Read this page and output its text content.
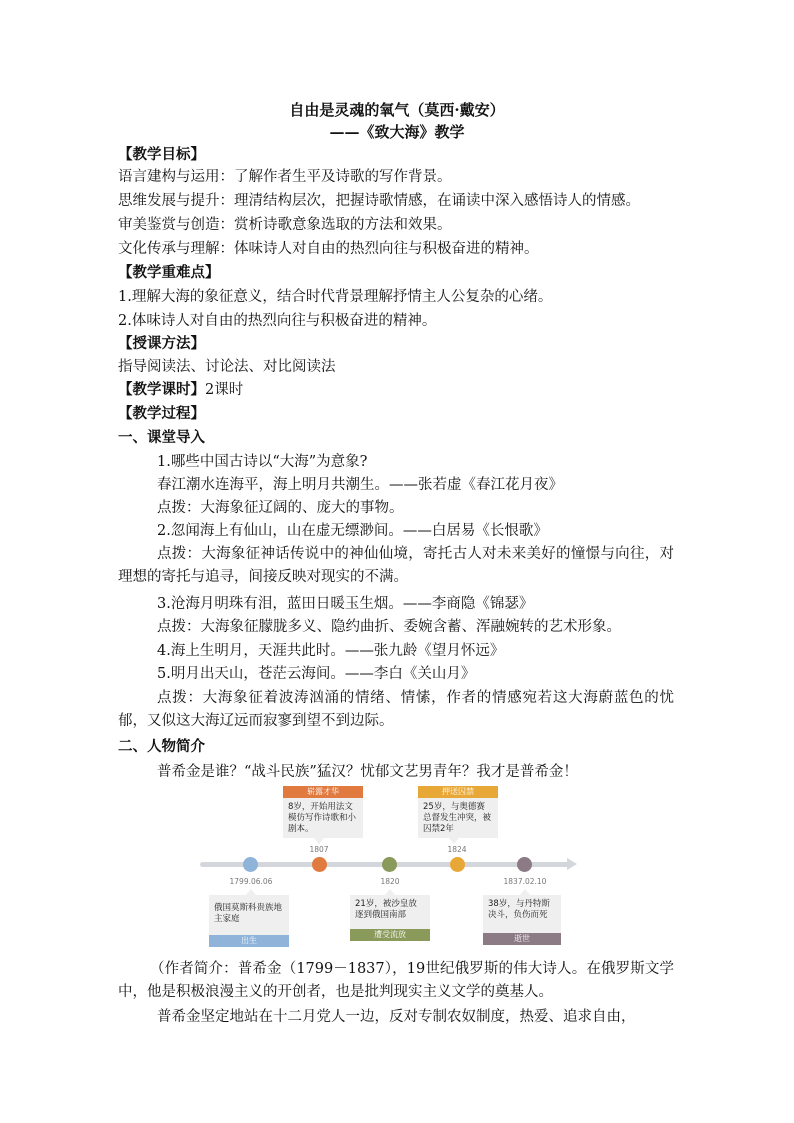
自由是灵魂的氧气（莫西·戴安）
——《致大海》教学
【教学目标】
语言建构与运用：了解作者生平及诗歌的写作背景。
思维发展与提升：理清结构层次，把握诗歌情感，在诵读中深入感悟诗人的情感。
审美鉴赏与创造：赏析诗歌意象选取的方法和效果。
文化传承与理解：体味诗人对自由的热烈向往与积极奋进的精神。
【教学重难点】
1.理解大海的象征意义，结合时代背景理解抒情主人公复杂的心绪。
2.体味诗人对自由的热烈向往与积极奋进的精神。
【授课方法】
指导阅读法、讨论法、对比阅读法
【教学课时】2课时
【教学过程】
一、课堂导入
1.哪些中国古诗以“大海”为意象?
春江潮水连海平，海上明月共潮生。——张若虚《春江花月夜》
点拨：大海象征辽阔的、庞大的事物。
2.忽闻海上有仙山，山在虚无缥渺间。——白居易《长恨歌》
点拨：大海象征神话传说中的神仙仙境，寄托古人对未来美好的憧憬与向往，对理想的寄托与追寻，间接反映对现实的不满。
3.沧海月明珠有泪，蓝田日暖玉生烟。——李商隐《锦瑟》
点拨：大海象征朦胧多义、隐约曲折、委婉含蓄、浑融婉转的艺术形象。
4.海上生明月，天涯共此时。——张九龄《望月怀远》
5.明月出天山，苍茫云海间。——李白《关山月》
点拨：大海象征着波涛汹涌的情绪、情愫，作者的情感宛若这大海蔚蓝色的忧郁，又似这大海辽远而寂寥到望不到边际。
二、人物简介
普希金是谁？“战斗民族”猛汉？忧郁文艺男青年？我才是普希金！
1799.06.06
俄国莫斯科贵族地主家庭
出生
崭露才华
8岁，开始用法文模仿写作诗歌和小剧本。
1807
1820
21岁，被沙皇放逐到俄国南部
遭受流放
押送囚禁
25岁，与奥德赛总督发生冲突，被囚禁2年
1824
1837.02.10
38岁，与丹特斯决斗，负伤而死
逝世
（作者简介：普希金（1799－1837），19世纪俄罗斯的伟大诗人。在俄罗斯文学中，他是积极浪漫主义的开创者，也是批判现实主义文学的奠基人。
普希金坚定地站在十二月党人一边，反对专制农奴制度，热爱、追求自由，
